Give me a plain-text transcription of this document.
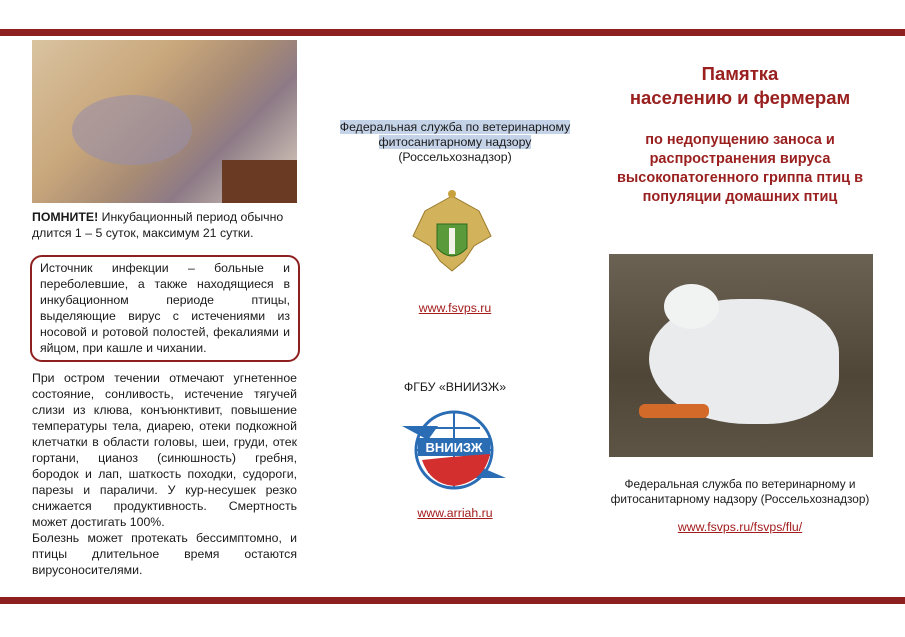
ПОМНИТЕ! Инкубационный период обычно длится 1 – 5 суток, максимум 21 сутки.
Источник инфекции – больные и переболевшие, а также находящиеся в инкубационном периоде птицы, выделяющие вирус с истечениями из носовой и ротовой полостей, фекалиями и яйцом, при кашле и чихании.
При остром течении отмечают угнетенное состояние, сонливость, истечение тягучей слизи из клюва, конъюнктивит, повышение температуры тела, диарею, отеки подкожной клетчатки в области головы, шеи, груди, отек гортани, цианоз (синюшность) гребня, бородок и лап, шаткость походки, судороги, парезы и параличи. У кур-несушек резко снижается продуктивность. Смертность может достигать 100%.
Болезнь может протекать бессимптомно, и птицы длительное время остаются вирусоносителями.
Федеральная служба по ветеринарному
фитосанитарному надзору
(Россельхознадзор)
www.fsvps.ru
ФГБУ «ВНИИЗЖ»
ВНИИЗЖ
www.arriah.ru
Памятка
населению и фермерам
по недопущению заноса и распространения вируса высокопатогенного гриппа птиц в популяции домашних птиц
Федеральная служба по ветеринарному и фитосанитарному надзору (Россельхознадзор)
www.fsvps.ru/fsvps/flu/
